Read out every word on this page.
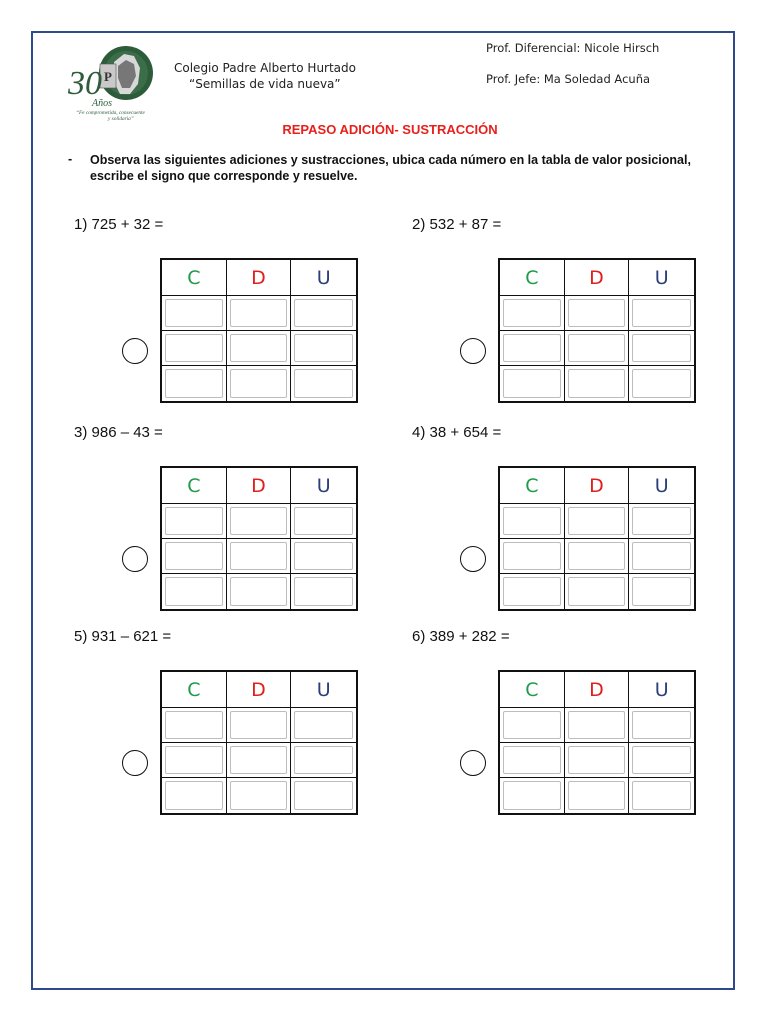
P
30
Años
“Fe comprometida, consecuente
y solidaria”
Colegio Padre Alberto Hurtado
“Semillas de vida nueva”
Prof. Diferencial: Nicole Hirsch
Prof. Jefe: Ma Soledad Acuña
REPASO ADICIÓN- SUSTRACCIÓN
- Observa las siguientes adiciones y sustracciones, ubica cada número en la tabla de valor posicional, escribe el signo que corresponde y resuelve.
1) 725 + 32 =
C	D	U
2) 532 + 87 =
C	D	U
3) 986 – 43 =
C	D	U
4) 38 + 654 =
C	D	U
5) 931 – 621 =
C	D	U
6) 389 + 282 =
C	D	U
